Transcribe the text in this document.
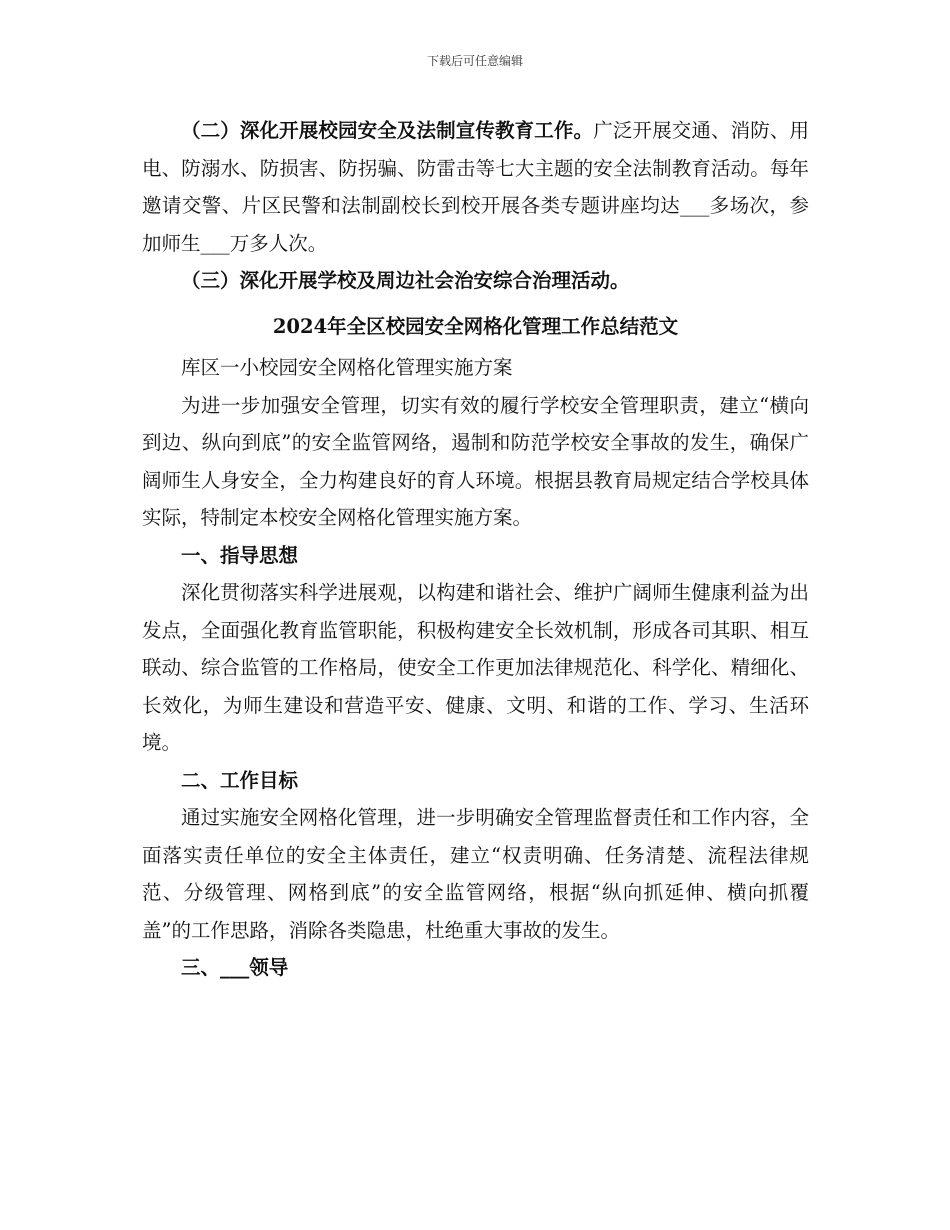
下载后可任意编辑

（二）深化开展校园安全及法制宣传教育工作。广泛开展交通、消防、用电、防溺水、防损害、防拐骗、防雷击等七大主题的安全法制教育活动。每年邀请交警、片区民警和法制副校长到校开展各类专题讲座均达___多场次，参加师生___万多人次。

（三）深化开展学校及周边社会治安综合治理活动。

2024年全区校园安全网格化管理工作总结范文

库区一小校园安全网格化管理实施方案

为进一步加强安全管理，切实有效的履行学校安全管理职责，建立“横向到边、纵向到底”的安全监管网络，遏制和防范学校安全事故的发生，确保广阔师生人身安全，全力构建良好的育人环境。根据县教育局规定结合学校具体实际，特制定本校安全网格化管理实施方案。

一、指导思想

深化贯彻落实科学进展观，以构建和谐社会、维护广阔师生健康利益为出发点，全面强化教育监管职能，积极构建安全长效机制，形成各司其职、相互联动、综合监管的工作格局，使安全工作更加法律规范化、科学化、精细化、长效化，为师生建设和营造平安、健康、文明、和谐的工作、学习、生活环境。

二、工作目标

通过实施安全网格化管理，进一步明确安全管理监督责任和工作内容，全面落实责任单位的安全主体责任，建立“权责明确、任务清楚、流程法律规范、分级管理、网格到底”的安全监管网络，根据“纵向抓延伸、横向抓覆盖”的工作思路，消除各类隐患，杜绝重大事故的发生。

三、___领导
